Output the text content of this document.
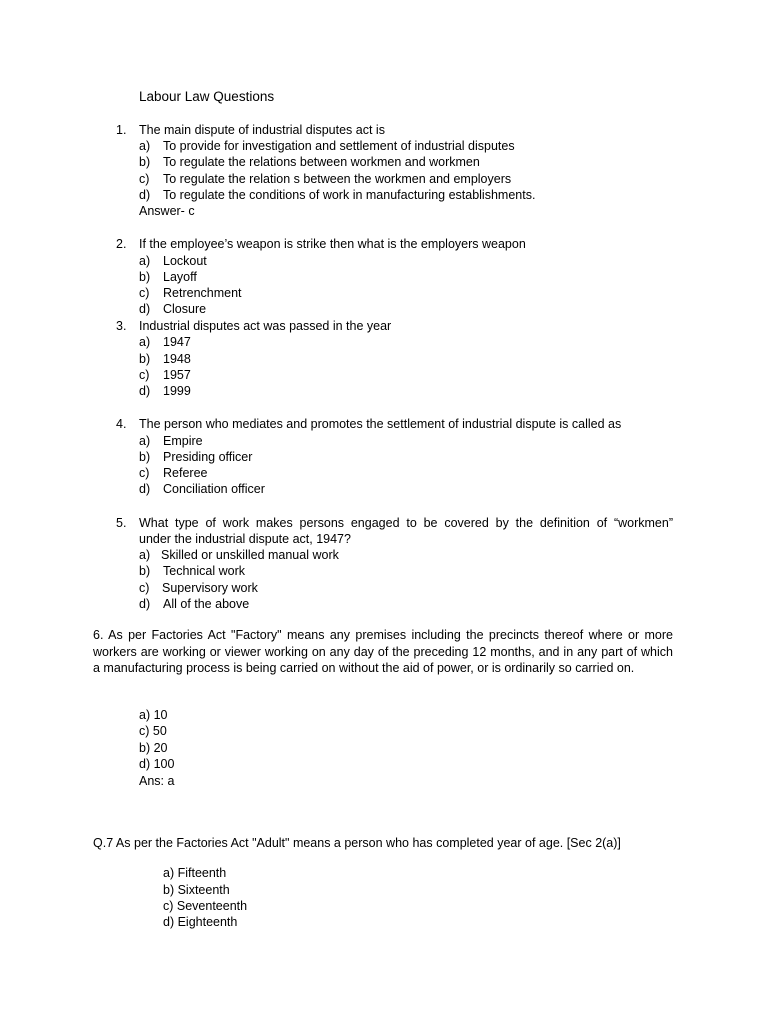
Labour Law Questions
1. The main dispute of industrial disputes act is
a) To provide for investigation and settlement of industrial disputes
b) To regulate the relations between workmen and workmen
c) To regulate the relation s between the workmen and employers
d) To regulate the conditions of work in manufacturing establishments.
Answer- c
2. If the employee’s weapon is strike then what is the employers weapon
a) Lockout
b) Layoff
c) Retrenchment
d) Closure
3. Industrial disputes act was passed in the year
a) 1947
b) 1948
c) 1957
d) 1999
4. The person who mediates and promotes the settlement of industrial dispute is called as
a) Empire
b) Presiding officer
c) Referee
d) Conciliation officer
5. What type of work makes persons engaged to be covered by the definition of “workmen”
under the industrial dispute act, 1947?
a) Skilled or unskilled manual work
b) Technical work
c) Supervisory work
d) All of the above
6. As per Factories Act "Factory" means any premises including the precincts thereof where or more workers are working or viewer working on any day of the preceding 12 months, and in any part of which a manufacturing process is being carried on without the aid of power, or is ordinarily so carried on.
a) 10
c) 50
b) 20
d) 100
Ans: a
Q.7 As per the Factories Act "Adult" means a person who has completed year of age. [Sec 2(a)]
a) Fifteenth
b) Sixteenth
c) Seventeenth
d) Eighteenth
